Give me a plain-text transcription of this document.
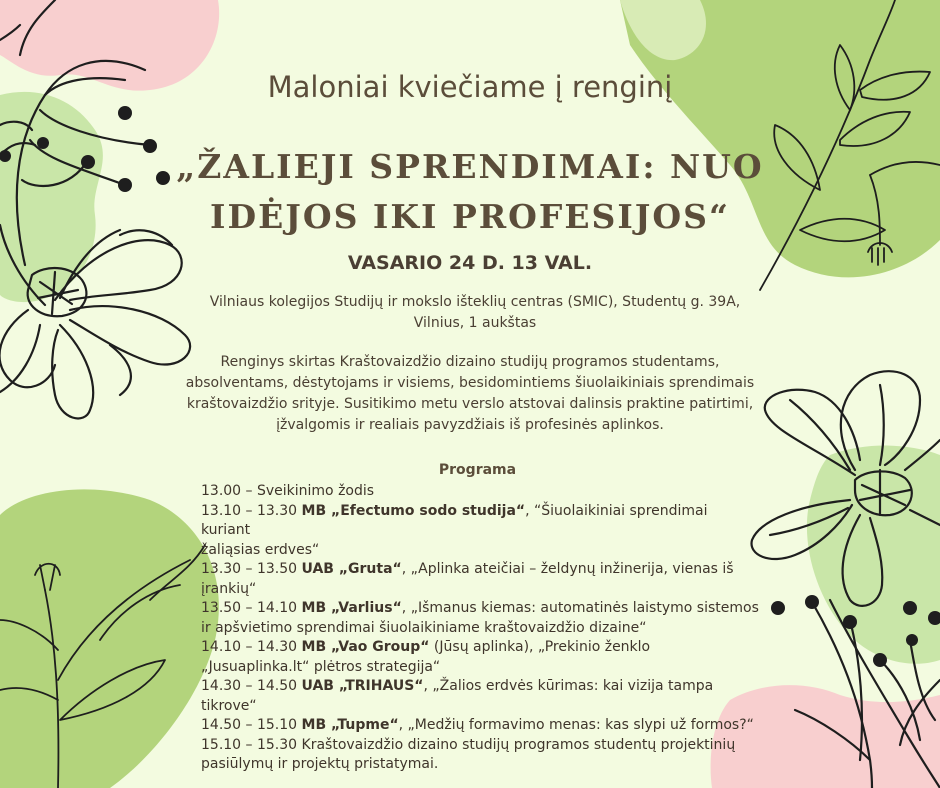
Maloniai kviečiame į renginį
„ŽALIEJI SPRENDIMAI: NUO
IDĖJOS IKI PROFESIJOS“
VASARIO 24 D. 13 VAL.
Vilniaus kolegijos Studijų ir mokslo išteklių centras (SMIC), Studentų g. 39A,
Vilnius, 1 aukštas
Renginys skirtas Kraštovaizdžio dizaino studijų programos studentams,
absolventams, dėstytojams ir visiems, besidomintiems šiuolaikiniais sprendimais
kraštovaizdžio srityje. Susitikimo metu verslo atstovai dalinsis praktine patirtimi,
įžvalgomis ir realiais pavyzdžiais iš profesinės aplinkos.
Programa
13.00 – Sveikinimo žodis
13.10 – 13.30 MB „Efectumo sodo studija“, “Šiuolaikiniai sprendimai kuriant
žaliąsias erdves“
13.30 – 13.50 UAB „Gruta“, „Aplinka ateičiai – želdynų inžinerija, vienas iš
įrankių“
13.50 – 14.10 MB „Varlius“, „Išmanus kiemas: automatinės laistymo sistemos
ir apšvietimo sprendimai šiuolaikiniame kraštovaizdžio dizaine“
14.10 – 14.30 MB „Vao Group“ (Jūsų aplinka), „Prekinio ženklo
„Jusuaplinka.lt“ plėtros strategija“
14.30 – 14.50 UAB „TRIHAUS“, „Žalios erdvės kūrimas: kai vizija tampa
tikrove“
14.50 – 15.10 MB „Tupme“, „Medžių formavimo menas: kas slypi už formos?“
15.10 – 15.30 Kraštovaizdžio dizaino studijų programos studentų projektinių
pasiūlymų ir projektų pristatymai.
